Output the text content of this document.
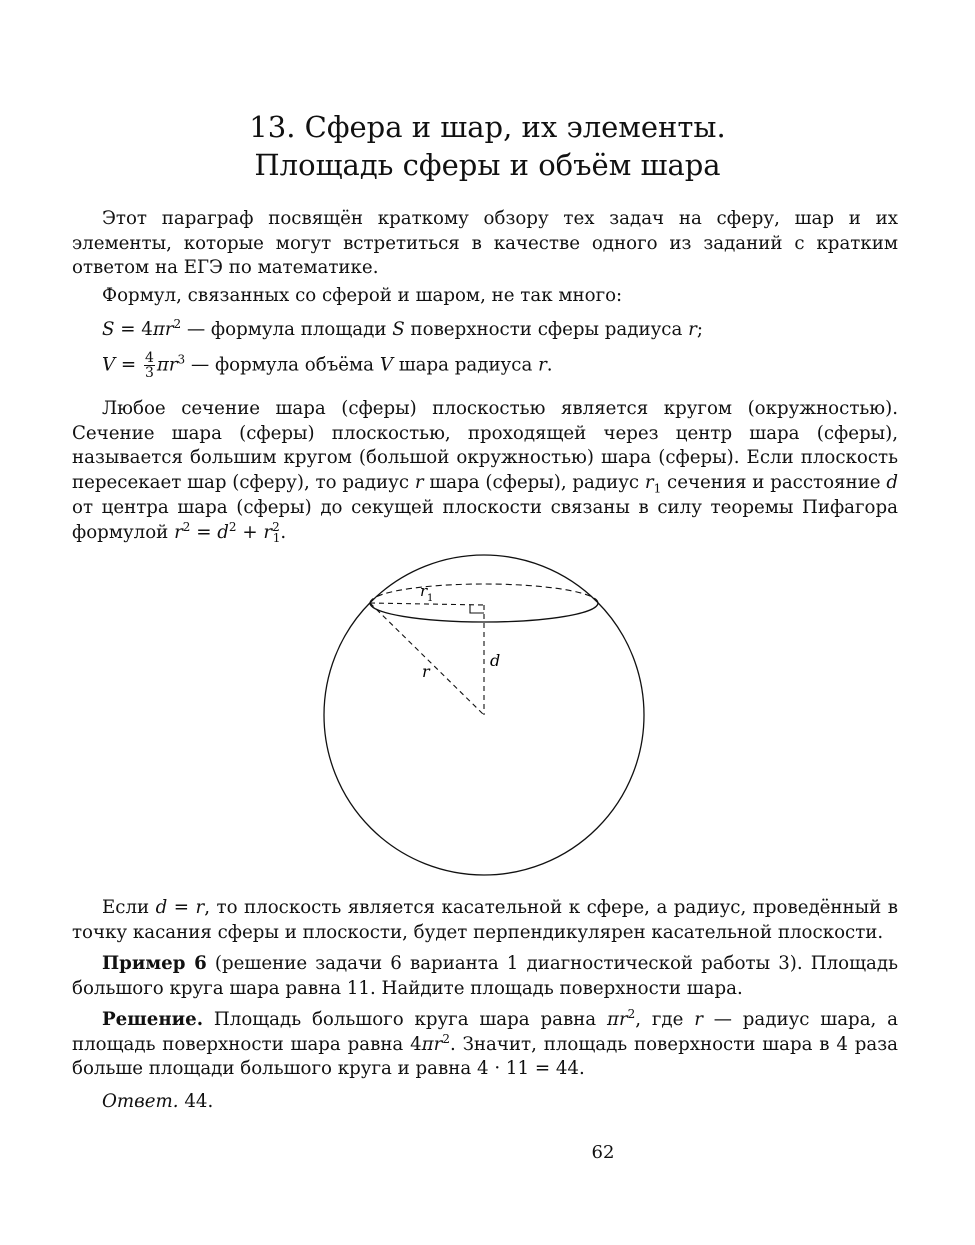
13. Сфера и шар, их элементы.
Площадь сферы и объём шара

Этот параграф посвящён краткому обзору тех задач на сферу, шар и их элементы, которые могут встретиться в качестве одного из заданий с кратким ответом на ЕГЭ по математике.

Формул, связанных со сферой и шаром, не так много:

$S = 4\pi r^2$ — формула площади S поверхности сферы радиуса r;
$V = \frac{4}{3} \pi r^3$ — формула объёма V шара радиуса r.

Любое сечение шара (сферы) плоскостью является кругом (окружностью). Сечение шара (сферы) плоскостью, проходящей через центр шара (сферы), называется большим кругом (большой окружностью) шара (сферы). Если плоскость пересекает шар (сферу), то радиус r шара (сферы), радиус $r_1$ сечения и расстояние d от центра шара (сферы) до секущей плоскости связаны в силу теоремы Пифагора формулой $r^2 = d^2 + r^2_1$.

r 1
r
d

Если d = r, то плоскость является касательной к сфере, а радиус, проведённый в точку касания сферы и плоскости, будет перпендикулярен касательной плоскости.

Пример 6 (решение задачи 6 варианта 1 диагностической работы 3). Площадь большого круга шара равна 11. Найдите площадь поверхности шара.

Решение. Площадь большого круга шара равна $\pi r^2$, где r — радиус шара, а площадь поверхности шара равна $4\pi r^2$. Значит, площадь поверхности шара в 4 раза больше площади большого круга и равна 4 · 11 = 44.

Ответ. 44.

62
